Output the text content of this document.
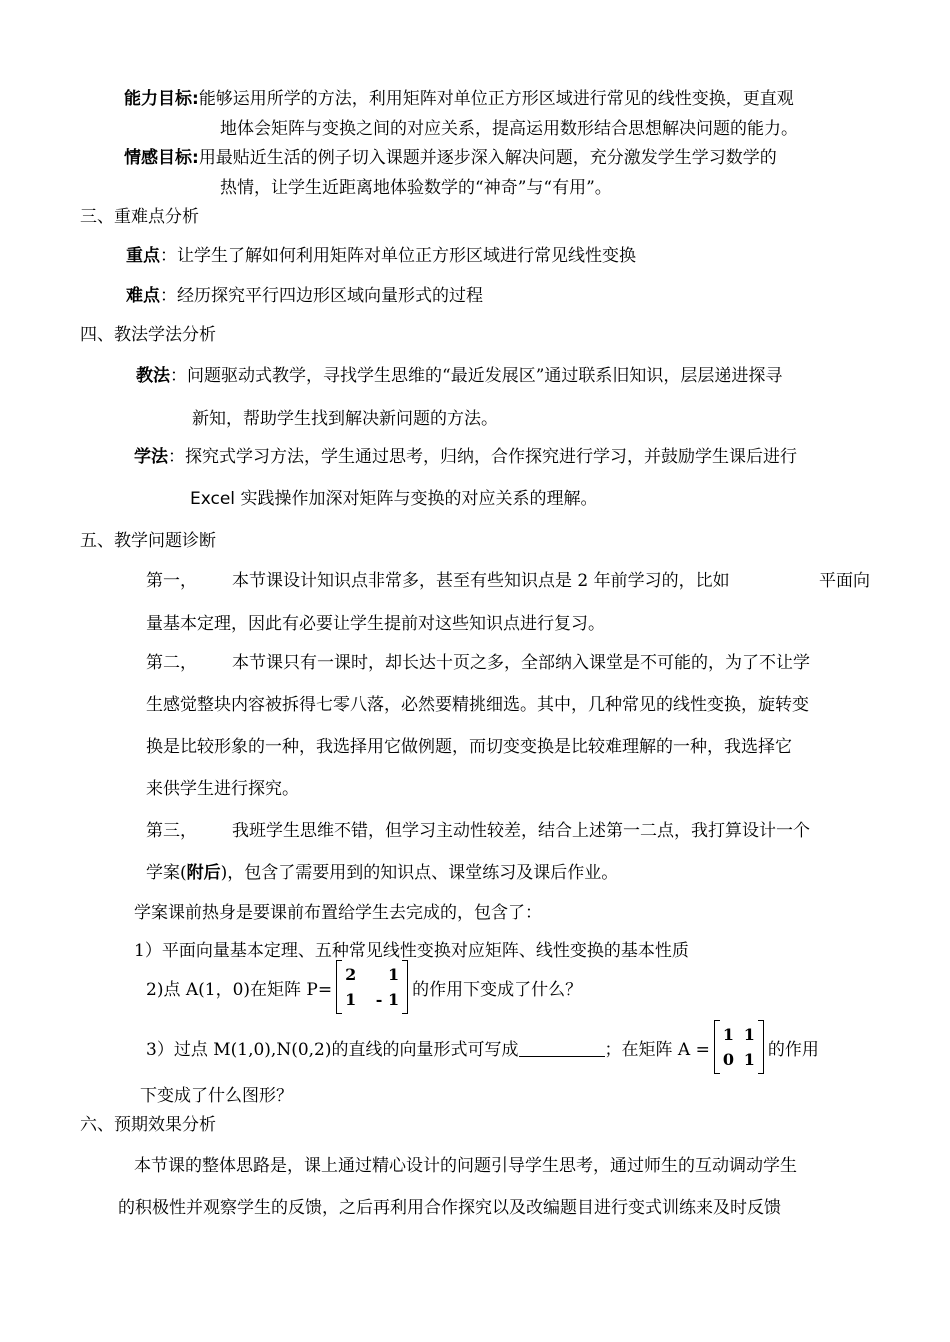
能力目标:能够运用所学的方法，利用矩阵对单位正方形区域进行常见的线性变换，更直观
地体会矩阵与变换之间的对应关系，提高运用数形结合思想解决问题的能力。
情感目标:用最贴近生活的例子切入课题并逐步深入解决问题，充分激发学生学习数学的
热情，让学生近距离地体验数学的“神奇”与“有用”。
三、重难点分析
重点：让学生了解如何利用矩阵对单位正方形区域进行常见线性变换
难点：经历探究平行四边形区域向量形式的过程
四、教法学法分析
教法：问题驱动式教学，寻找学生思维的“最近发展区”通过联系旧知识，层层递进探寻
新知，帮助学生找到解决新问题的方法。
学法：探究式学习方法，学生通过思考，归纳，合作探究进行学习，并鼓励学生课后进行
Excel 实践操作加深对矩阵与变换的对应关系的理解。
五、教学问题诊断
第一， 本节课设计知识点非常多，甚至有些知识点是 2 年前学习的，比如	平面向
量基本定理，因此有必要让学生提前对这些知识点进行复习。
第二， 本节课只有一课时，却长达十页之多，全部纳入课堂是不可能的，为了不让学
生感觉整块内容被拆得七零八落，必然要精挑细选。其中，几种常见的线性变换，旋转变
换是比较形象的一种，我选择用它做例题，而切变变换是比较难理解的一种，我选择它
来供学生进行探究。
第三， 我班学生思维不错，但学习主动性较差，结合上述第一二点，我打算设计一个
学案(附后)，包含了需要用到的知识点、课堂练习及课后作业。
学案课前热身是要课前布置给学生去完成的，包含了：
1）平面向量基本定理、五种常见线性变换对应矩阵、线性变换的基本性质
2)点 A(1，0)在矩阵 P=
2 1
1 - 1 的作用下变成了什么？
3）过点 M(1,0),N(0,2)的直线的向量形式可写成	；在矩阵 A =
1 1
0 1 的作用
下变成了什么图形？
六、预期效果分析
本节课的整体思路是，课上通过精心设计的问题引导学生思考，通过师生的互动调动学生
的积极性并观察学生的反馈，之后再利用合作探究以及改编题目进行变式训练来及时反馈
